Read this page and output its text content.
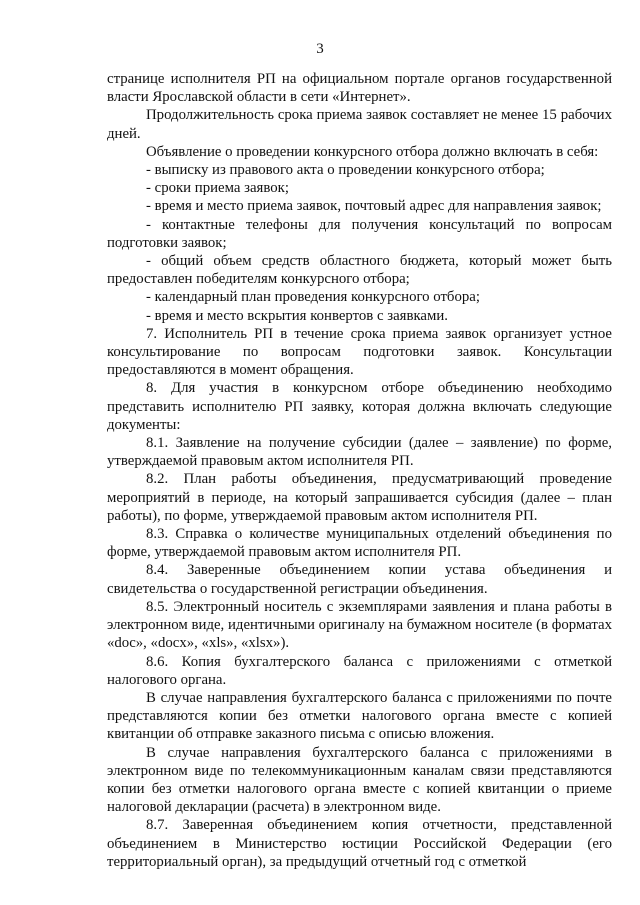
3

странице исполнителя РП на официальном портале органов государственной власти Ярославской области в сети «Интернет».

Продолжительность срока приема заявок составляет не менее 15 рабочих дней.

Объявление о проведении конкурсного отбора должно включать в себя:

- выписку из правового акта о проведении конкурсного отбора;

- сроки приема заявок;

- время и место приема заявок, почтовый адрес для направления заявок;

- контактные телефоны для получения консультаций по вопросам подготовки заявок;

- общий объем средств областного бюджета, который может быть предоставлен победителям конкурсного отбора;

- календарный план проведения конкурсного отбора;

- время и место вскрытия конвертов с заявками.

7. Исполнитель РП в течение срока приема заявок организует устное консультирование по вопросам подготовки заявок. Консультации предоставляются в момент обращения.

8. Для участия в конкурсном отборе объединению необходимо представить исполнителю РП заявку, которая должна включать следующие документы:

8.1. Заявление на получение субсидии (далее – заявление) по форме, утверждаемой правовым актом исполнителя РП.

8.2. План работы объединения, предусматривающий проведение мероприятий в периоде, на который запрашивается субсидия (далее – план работы), по форме, утверждаемой правовым актом исполнителя РП.

8.3. Справка о количестве муниципальных отделений объединения по форме, утверждаемой правовым актом исполнителя РП.

8.4. Заверенные объединением копии устава объединения и свидетельства о государственной регистрации объединения.

8.5. Электронный носитель с экземплярами заявления и плана работы в электронном виде, идентичными оригиналу на бумажном носителе (в форматах «doc», «docx», «xls», «xlsx»).

8.6. Копия бухгалтерского баланса с приложениями с отметкой налогового органа.

В случае направления бухгалтерского баланса с приложениями по почте представляются копии без отметки налогового органа вместе с копией квитанции об отправке заказного письма с описью вложения.

В случае направления бухгалтерского баланса с приложениями в электронном виде по телекоммуникационным каналам связи представляются копии без отметки налогового органа вместе с копией квитанции о приеме налоговой декларации (расчета) в электронном виде.

8.7. Заверенная объединением копия отчетности, представленной объединением в Министерство юстиции Российской Федерации (его территориальный орган), за предыдущий отчетный год с отметкой
